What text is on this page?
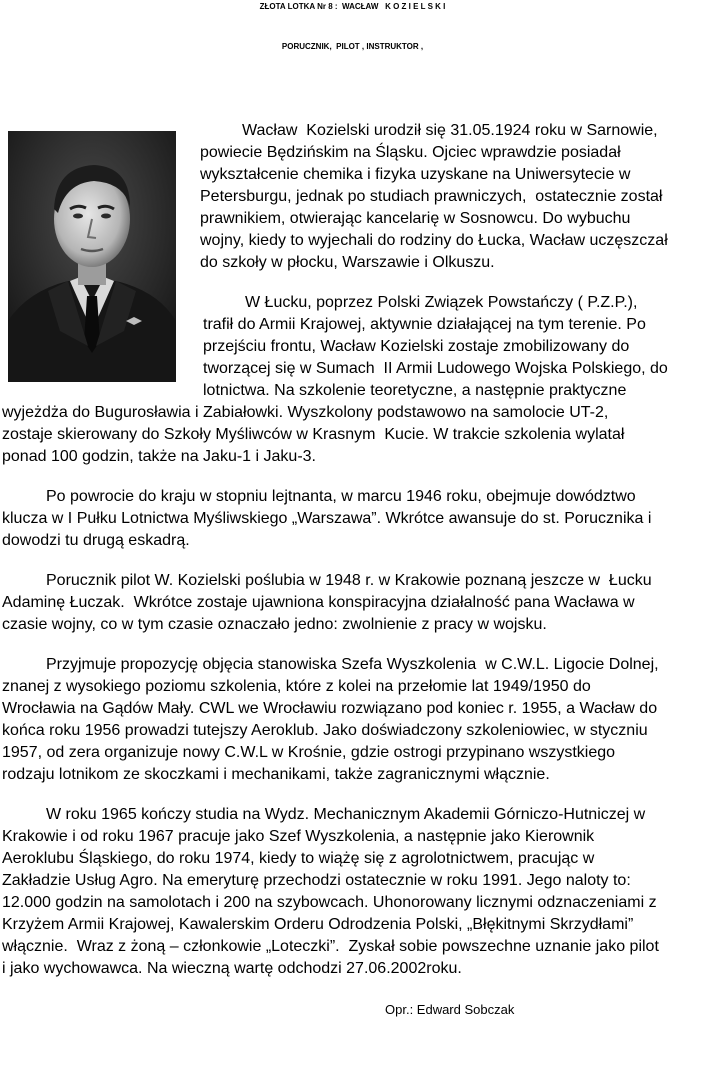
ZŁOTA LOTKA Nr 8 :  WACŁAW   K O Z I E L S K I
PORUCZNIK,  PILOT , INSTRUKTOR ,

Wacław  Kozielski urodził się 31.05.1924 roku w Sarnowie,

powiecie Będzińskim na Śląsku. Ojciec wprawdzie posiadał

wykształcenie chemika i fizyka uzyskane na Uniwersytecie w

Petersburgu, jednak po studiach prawniczych,  ostatecznie został

prawnikiem, otwierając kancelarię w Sosnowcu. Do wybuchu

wojny, kiedy to wyjechali do rodziny do Łucka, Wacław uczęszczał

do szkoły w płocku, Warszawie i Olkuszu.

W Łucku, poprzez Polski Związek Powstańczy ( P.Z.P.),

trafił do Armii Krajowej, aktywnie działającej na tym terenie. Po

przejściu frontu, Wacław Kozielski zostaje zmobilizowany do

tworzącej się w Sumach  II Armii Ludowego Wojska Polskiego, do

lotnictwa. Na szkolenie teoretyczne, a następnie praktyczne

wyjeżdża do Bugurosławia i Zabiałowki. Wyszkolony podstawowo na samolocie UT-2,

zostaje skierowany do Szkoły Myśliwców w Krasnym  Kucie. W trakcie szkolenia wylatał

ponad 100 godzin, także na Jaku-1 i Jaku-3.

Po powrocie do kraju w stopniu lejtnanta, w marcu 1946 roku, obejmuje dowództwo

klucza w I Pułku Lotnictwa Myśliwskiego „Warszawa”. Wkrótce awansuje do st. Porucznika i

dowodzi tu drugą eskadrą.

Porucznik pilot W. Kozielski poślubia w 1948 r. w Krakowie poznaną jeszcze w  Łucku

Adaminę Łuczak.  Wkrótce zostaje ujawniona konspiracyjna działalność pana Wacława w

czasie wojny, co w tym czasie oznaczało jedno: zwolnienie z pracy w wojsku.

Przyjmuje propozycję objęcia stanowiska Szefa Wyszkolenia  w C.W.L. Ligocie Dolnej,

znanej z wysokiego poziomu szkolenia, które z kolei na przełomie lat 1949/1950 do

Wrocławia na Gądów Mały. CWL we Wrocławiu rozwiązano pod koniec r. 1955, a Wacław do

końca roku 1956 prowadzi tutejszy Aeroklub. Jako doświadczony szkoleniowiec, w styczniu

1957, od zera organizuje nowy C.W.L w Krośnie, gdzie ostrogi przypinano wszystkiego

rodzaju lotnikom ze skoczkami i mechanikami, także zagranicznymi włącznie.

W roku 1965 kończy studia na Wydz. Mechanicznym Akademii Górniczo-Hutniczej w

Krakowie i od roku 1967 pracuje jako Szef Wyszkolenia, a następnie jako Kierownik

Aeroklubu Śląskiego, do roku 1974, kiedy to wiążę się z agrolotnictwem, pracując w

Zakładzie Usług Agro. Na emeryturę przechodzi ostatecznie w roku 1991. Jego naloty to:

12.000 godzin na samolotach i 200 na szybowcach. Uhonorowany licznymi odznaczeniami z

Krzyżem Armii Krajowej, Kawalerskim Orderu Odrodzenia Polski, „Błękitnymi Skrzydłami”

włącznie.  Wraz z żoną – członkowie „Loteczki”.  Zyskał sobie powszechne uznanie jako pilot

i jako wychowawca. Na wieczną wartę odchodzi 27.06.2002roku.

Opr.: Edward Sobczak
